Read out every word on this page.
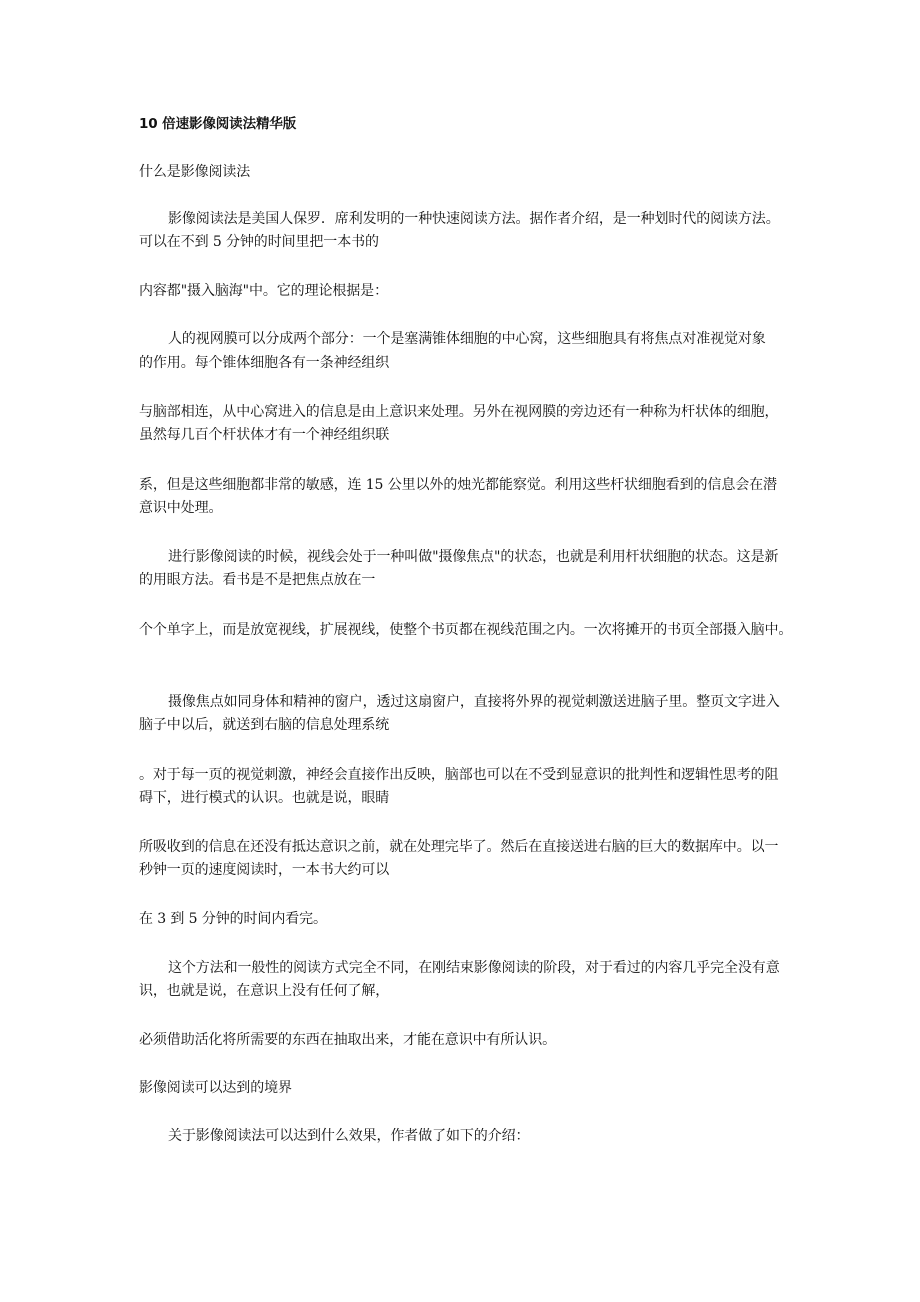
10 倍速影像阅读法精华版
什么是影像阅读法
影像阅读法是美国人保罗．席利发明的一种快速阅读方法。据作者介绍，是一种划时代的阅读方法。
可以在不到 5 分钟的时间里把一本书的
内容都"摄入脑海"中。它的理论根据是：
人的视网膜可以分成两个部分：一个是塞满锥体细胞的中心窝，这些细胞具有将焦点对准视觉对象
的作用。每个锥体细胞各有一条神经组织
与脑部相连，从中心窝进入的信息是由上意识来处理。另外在视网膜的旁边还有一种称为杆状体的细胞，
虽然每几百个杆状体才有一个神经组织联
系，但是这些细胞都非常的敏感，连 15 公里以外的烛光都能察觉。利用这些杆状细胞看到的信息会在潜
意识中处理。
进行影像阅读的时候，视线会处于一种叫做"摄像焦点"的状态，也就是利用杆状细胞的状态。这是新
的用眼方法。看书是不是把焦点放在一
个个单字上，而是放宽视线，扩展视线，使整个书页都在视线范围之内。一次将摊开的书页全部摄入脑中。
摄像焦点如同身体和精神的窗户，透过这扇窗户，直接将外界的视觉刺激送进脑子里。整页文字进入
脑子中以后，就送到右脑的信息处理系统
。对于每一页的视觉刺激，神经会直接作出反映，脑部也可以在不受到显意识的批判性和逻辑性思考的阻
碍下，进行模式的认识。也就是说，眼睛
所吸收到的信息在还没有抵达意识之前，就在处理完毕了。然后在直接送进右脑的巨大的数据库中。以一
秒钟一页的速度阅读时，一本书大约可以
在 3 到 5 分钟的时间内看完。
这个方法和一般性的阅读方式完全不同，在刚结束影像阅读的阶段，对于看过的内容几乎完全没有意
识，也就是说，在意识上没有任何了解，
必须借助活化将所需要的东西在抽取出来，才能在意识中有所认识。
影像阅读可以达到的境界
关于影像阅读法可以达到什么效果，作者做了如下的介绍：
